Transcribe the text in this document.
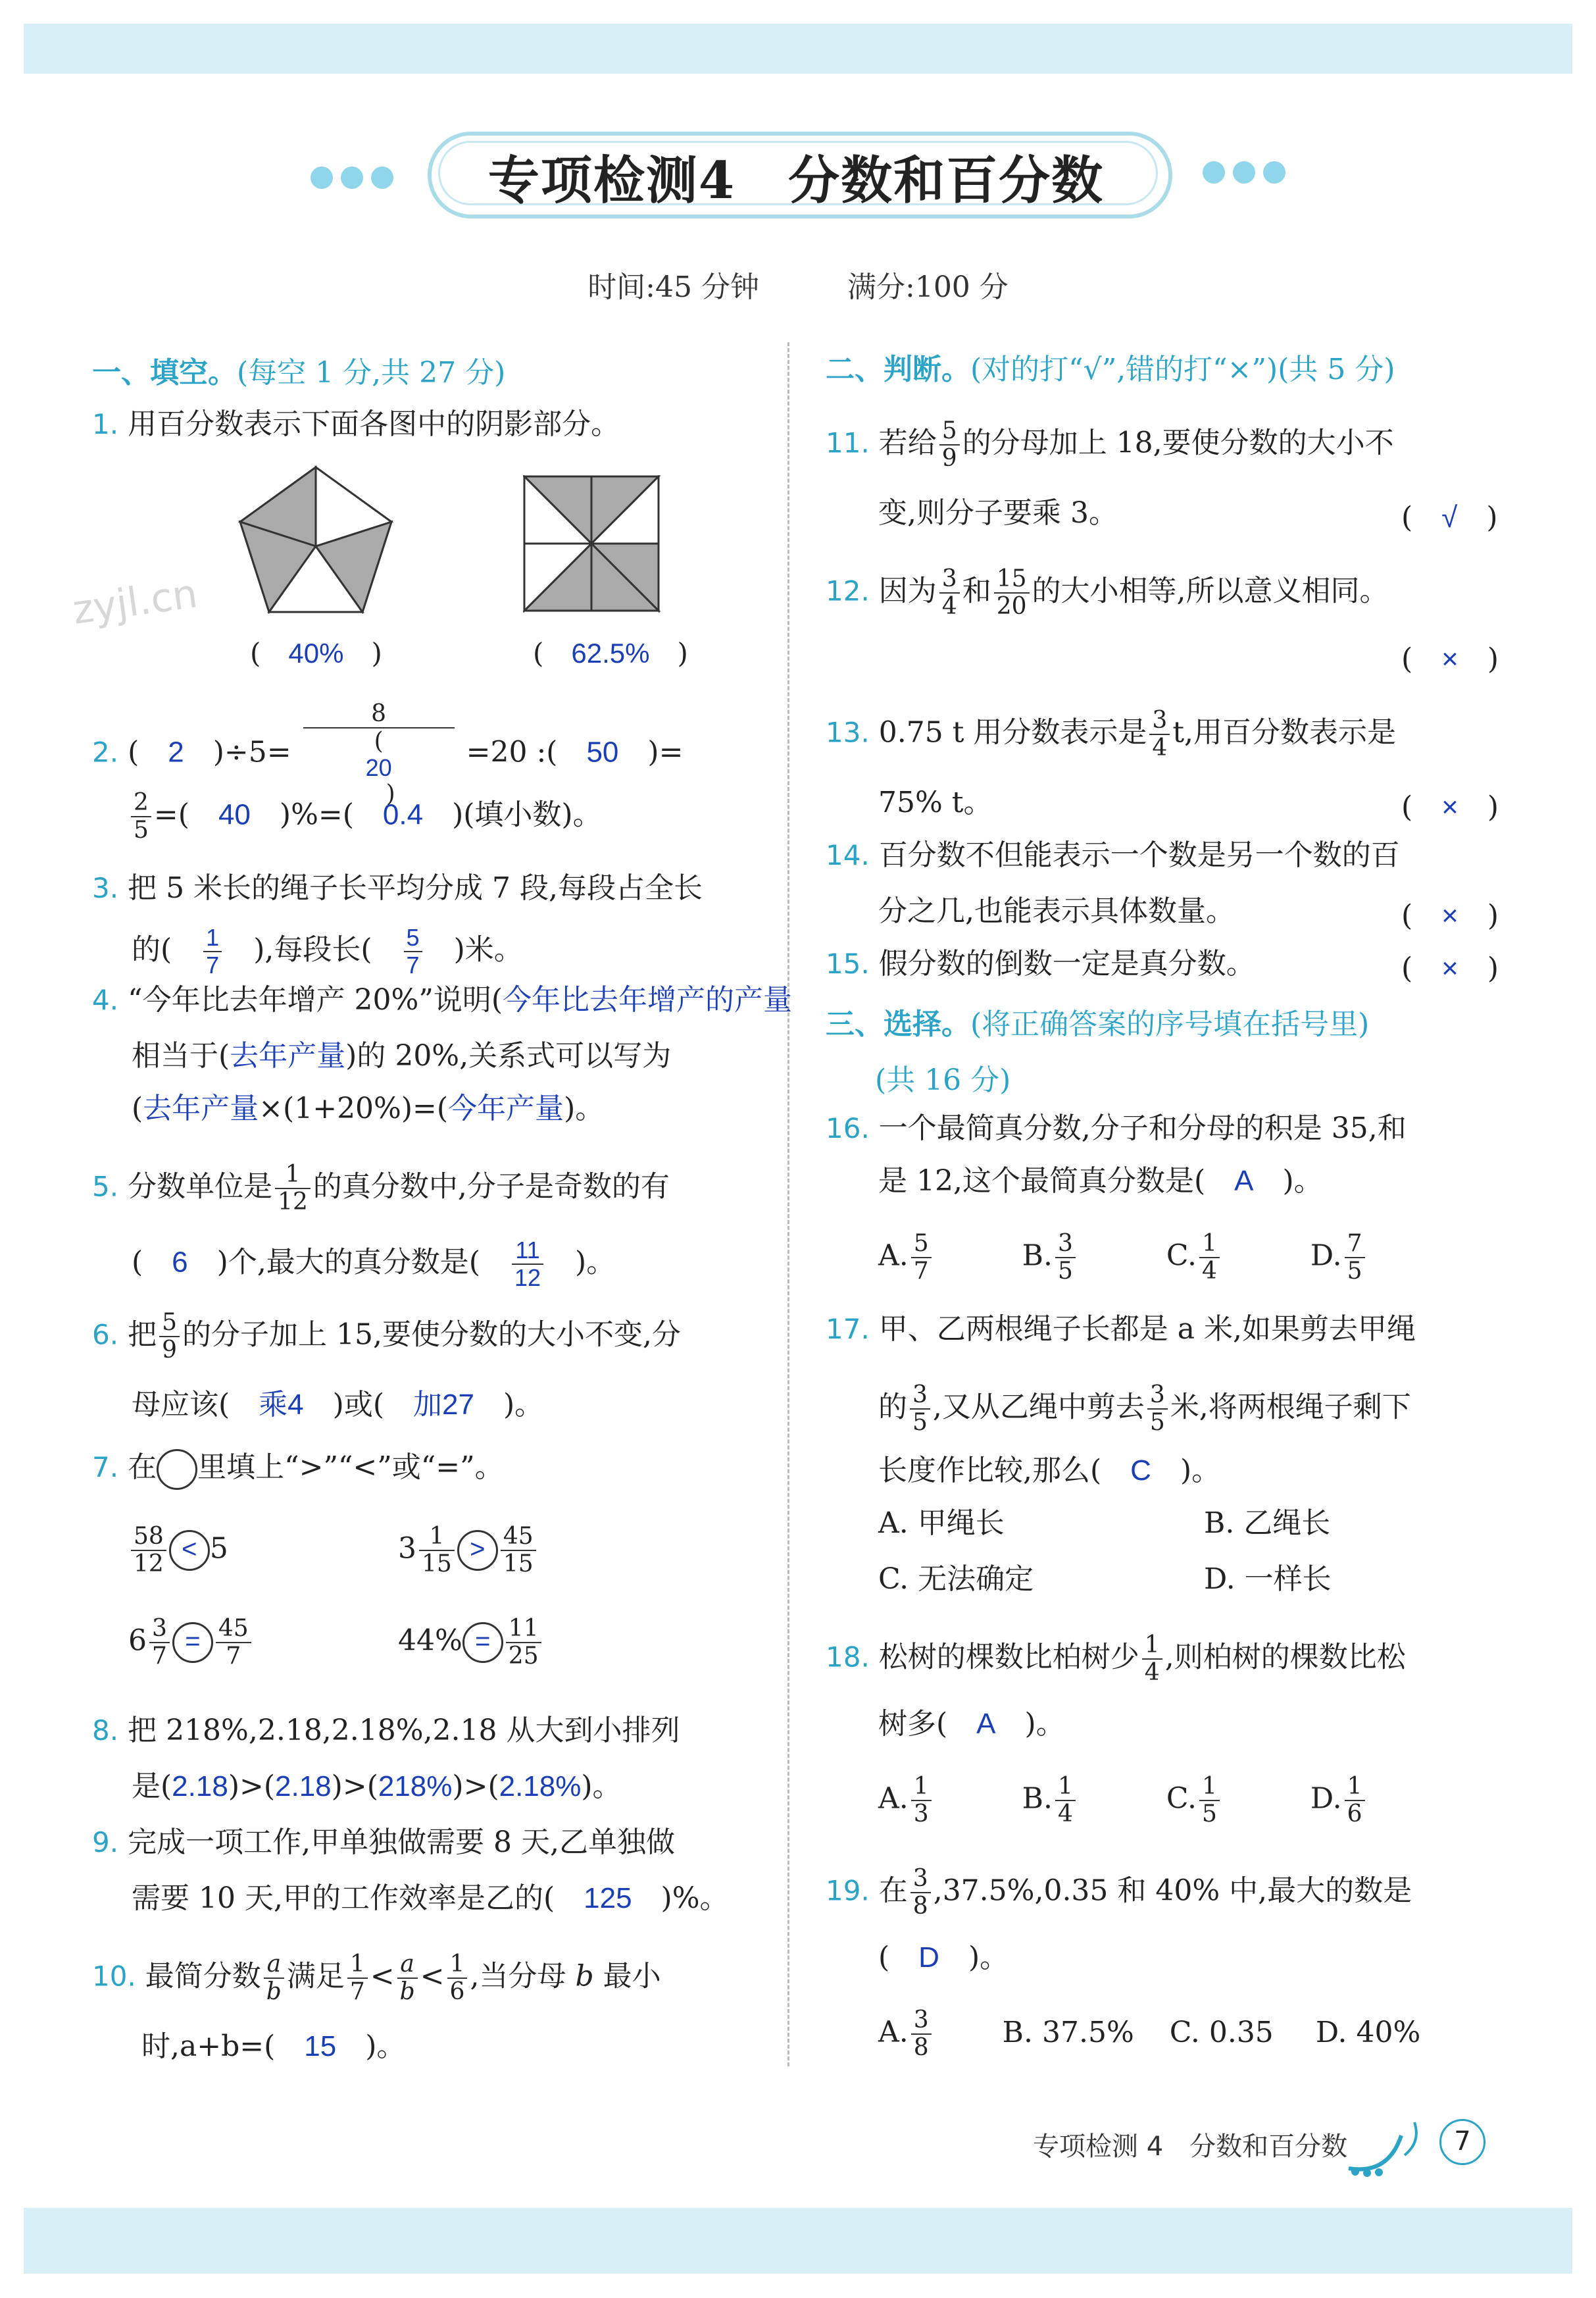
专项检测4　分数和百分数
时间:45 分钟	满分:100 分
zyjl.cn
一、填空。(每空 1 分,共 27 分)
1. 用百分数表示下面各图中的阴影部分。
(　40%　)	(　62.5%　)
2. (　2　)÷5= 8
(　
20
　) =20 :(　50　)=
$\frac{2}{5}$ =(　40　)%=(　0.4　)(填小数)。
3. 把 5 米长的绳子长平均分成 7 段,每段占全长
的(　 $\frac{1}{7}$
　 ),每段长(　 $\frac{5}{7}$
　 )米。
4. “今年比去年增产 20%”说明(今年比去年增产的产量
相当于(去年产量)的 20%,关系式可以写为
(去年产量×(1+20%)=(今年产量)。
5. 分数单位是 $\frac{1}{12}$ 的真分数中,分子是奇数的有
(　 6　 )个,最大的真分数是(　 $\frac{11}{12}$
　 )。
6. 把 $\frac{5}{9}$ 的分子加上 15,要使分数的大小不变,分
母应该(　 乘4　 )或(　 加27　 )。
7. 在 里填上“>”“<”或“=”。
$\frac{58}{12} < 5$	$3 \frac{1}{15} > \frac{45}{15}$
$6 \frac{3}{7} = \frac{45}{7}$	$44\% = \frac{11}{25}$
8. 把 218%,2.18,2.18%,2.18 从大到小排列
是(2.18)>(2.18)>(218%)>(2.18%)。
9. 完成一项工作,甲单独做需要 8 天,乙单独做
需要 10 天,甲的工作效率是乙的(　 125　 )%。
10. 最简分数 $\frac{a}{b}$ 满足 $\frac{1}{7} < \frac{a}{b} < \frac{1}{6}$ ,当分母 b 最小
时,a+b=(　 15　 )。
二、判断。(对的打“√”,错的打“×”)(共 5 分)
11. 若给 $\frac{5}{9}$ 的分母加上 18,要使分数的大小不
变,则分子要乘 3。	(　√　)
12. 因为 $\frac{3}{4}$ 和 $\frac{15}{20}$ 的大小相等,所以意义相同。
(　×　)
13. 0.75 t 用分数表示是 $\frac{3}{4} t$,用百分数表示是
75% t。	(　×　)
14. 百分数不但能表示一个数是另一个数的百
分之几,也能表示具体数量。	(　×　)
15. 假分数的倒数一定是真分数。	(　×　)
三、选择。(将正确答案的序号填在括号里)
(共 16 分)
16. 一个最简真分数,分子和分母的积是 35,和
是 12,这个最简真分数是(　 A　 )。
A. $\frac{5}{7}$	B. $\frac{3}{5}$	C. $\frac{1}{4}$	D. $\frac{7}{5}$
17. 甲、乙两根绳子长都是 a 米,如果剪去甲绳
的 $\frac{3}{5}$ ,又从乙绳中剪去 $\frac{3}{5}$ 米,将两根绳子剩下
长度作比较,那么(　 C　 )。
A. 甲绳长	B. 乙绳长
C. 无法确定	D. 一样长
18. 松树的棵数比柏树少 $\frac{1}{4}$ ,则柏树的棵数比松
树多(　 A　 )。
A. $\frac{1}{3}$	B. $\frac{1}{4}$	C. $\frac{1}{5}$	D. $\frac{1}{6}$
19. 在 $\frac{3}{8} ,37.5\%,0.35$ 和 40% 中,最大的数是
(　 D　 )。
A. $\frac{3}{8} B$. 37.5% C. 0.35 D. 40%
专项检测 4　分数和百分数	7
